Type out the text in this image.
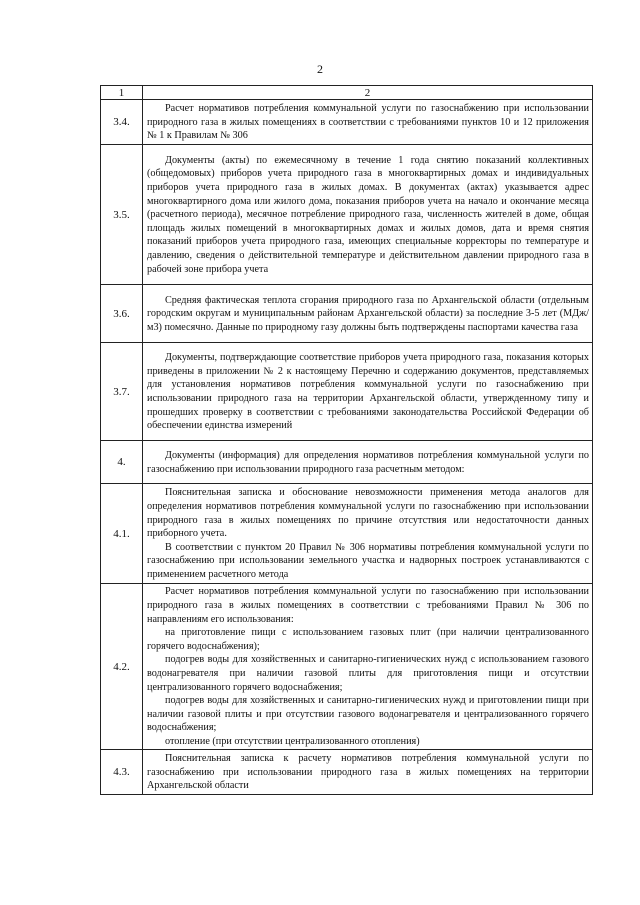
2
1	2
3.4.	Расчет нормативов потребления коммунальной услуги по газоснабжению при использовании природного газа в жилых помещениях в соответствии с требованиями пунктов 10 и 12 приложения № 1 к Правилам № 306

3.5.	Документы (акты) по ежемесячному в течение 1 года снятию показаний коллективных (общедомовых) приборов учета природного газа в многоквартирных домах и индивидуальных приборов учета природного газа в жилых домах. В документах (актах) указывается адрес многоквартирного дома или жилого дома, показания приборов учета на начало и окончание месяца (расчетного периода), месячное потребление природного газа, численность жителей в доме, общая площадь жилых помещений в многоквартирных домах и жилых домов, дата и время снятия показаний приборов учета природного газа, имеющих специальные корректоры по температуре и давлению, сведения о действительной температуре и действительном давлении природного газа в рабочей зоне прибора учета

3.6.	Средняя фактическая теплота сгорания природного газа по Архангельской области (отдельным городским округам и муниципальным районам Архангельской области) за последние 3-5 лет (МДж/м3) помесячно. Данные по природному газу должны быть подтверждены паспортами качества газа

3.7.	Документы, подтверждающие соответствие приборов учета природного газа, показания которых приведены в приложении № 2 к настоящему Перечню и содержанию документов, представляемых для установления нормативов потребления коммунальной услуги по газоснабжению при использовании природного газа на территории Архангельской области, утвержденному типу и прошедших проверку в соответствии с требованиями законодательства Российской Федерации об обеспечении единства измерений

4.	Документы (информация) для определения нормативов потребления коммунальной услуги по газоснабжению при использовании природного газа расчетным методом:

4.1.	Пояснительная записка и обоснование невозможности применения метода аналогов для определения нормативов потребления коммунальной услуги по газоснабжению при использовании природного газа в жилых помещениях по причине отсутствия или недостаточности данных приборного учета.

В соответствии с пунктом 20 Правил № 306 нормативы потребления коммунальной услуги по газоснабжению при использовании земельного участка и надворных построек устанавливаются с применением расчетного метода

4.2.	Расчет нормативов потребления коммунальной услуги по газоснабжению при использовании природного газа в жилых помещениях в соответствии с требованиями Правил № 306 по направлениям его использования:

на приготовление пищи с использованием газовых плит (при наличии централизованного горячего водоснабжения);

подогрев воды для хозяйственных и санитарно-гигиенических нужд с использованием газового водонагревателя при наличии газовой плиты для приготовления пищи и отсутствии централизованного горячего водоснабжения;

подогрев воды для хозяйственных и санитарно-гигиенических нужд и приготовлении пищи при наличии газовой плиты и при отсутствии газового водонагревателя и централизованного горячего водоснабжения;

отопление (при отсутствии централизованного отопления)

4.3.	Пояснительная записка к расчету нормативов потребления коммунальной услуги по газоснабжению при использовании природного газа в жилых помещениях на территории Архангельской области
